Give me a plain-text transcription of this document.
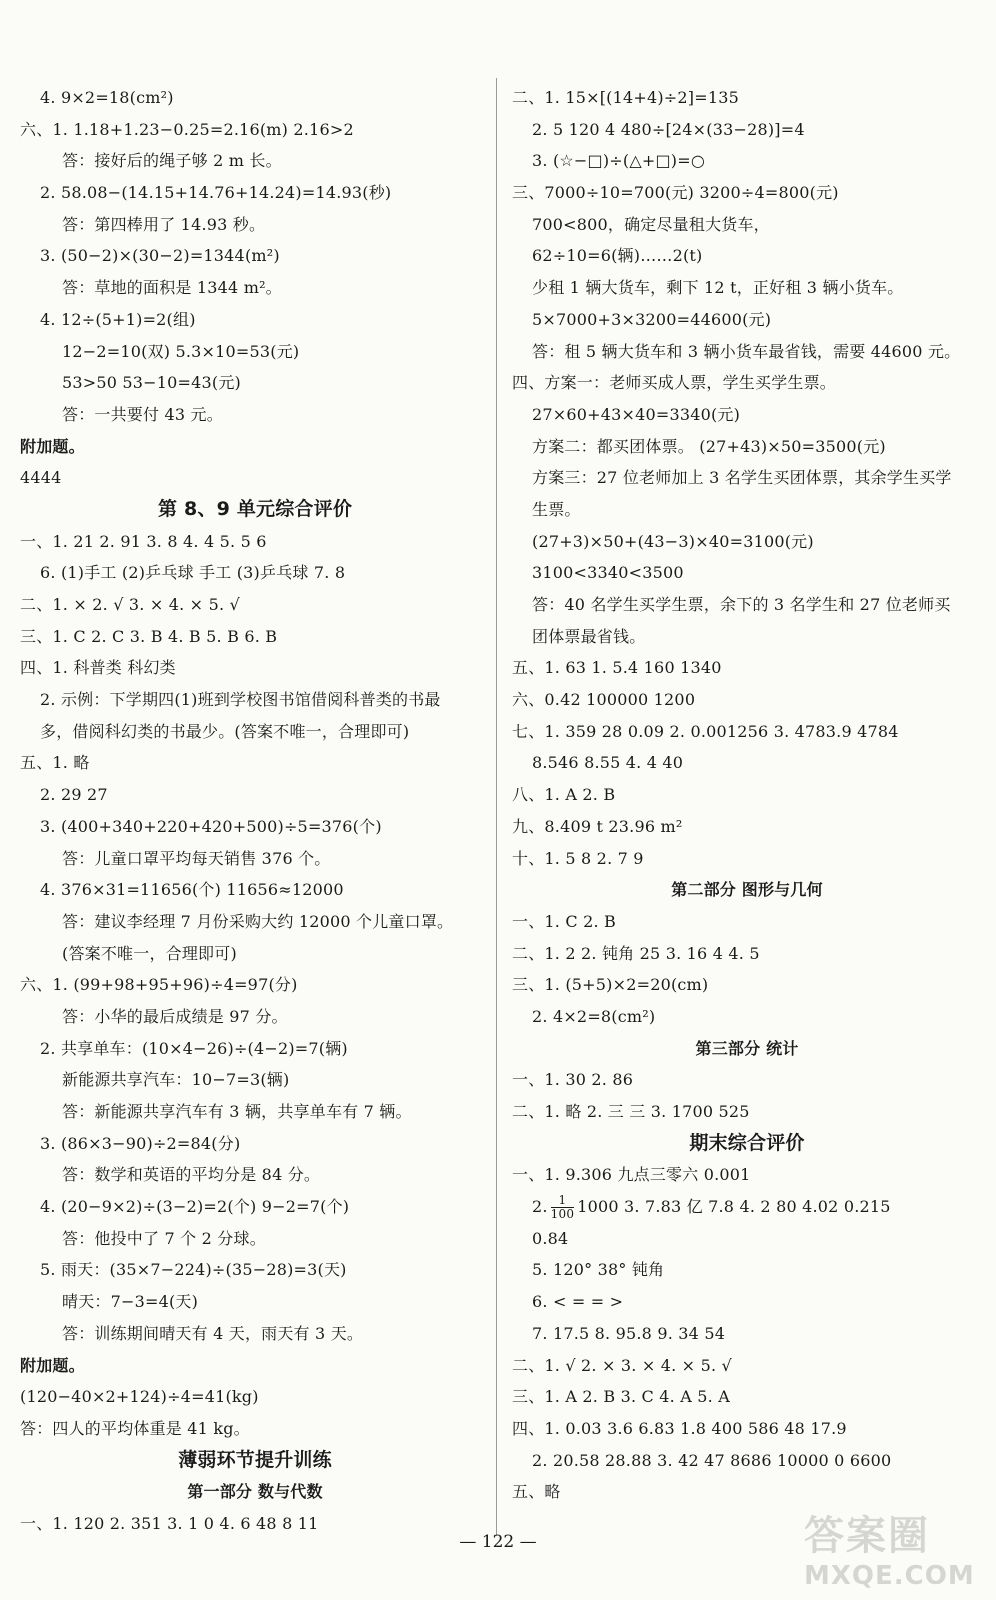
4. 9×2=18(cm²)
六、1. 1.18+1.23−0.25=2.16(m) 2.16>2
答：接好后的绳子够 2 m 长。
2. 58.08−(14.15+14.76+14.24)=14.93(秒)
答：第四棒用了 14.93 秒。
3. (50−2)×(30−2)=1344(m²)
答：草地的面积是 1344 m²。
4. 12÷(5+1)=2(组)
12−2=10(双) 5.3×10=53(元)
53>50 53−10=43(元)
答：一共要付 43 元。
附加题。
4444
第 8、9 单元综合评价
一、1. 21 2. 91 3. 8 4. 4 5. 5 6
6. (1)手工 (2)乒乓球 手工 (3)乒乓球 7. 8
二、1. × 2. √ 3. × 4. × 5. √
三、1. C 2. C 3. B 4. B 5. B 6. B
四、1. 科普类 科幻类
2. 示例：下学期四(1)班到学校图书馆借阅科普类的书最
多，借阅科幻类的书最少。(答案不唯一，合理即可)
五、1. 略
2. 29 27
3. (400+340+220+420+500)÷5=376(个)
答：儿童口罩平均每天销售 376 个。
4. 376×31=11656(个) 11656≈12000
答：建议李经理 7 月份采购大约 12000 个儿童口罩。
(答案不唯一，合理即可)
六、1. (99+98+95+96)÷4=97(分)
答：小华的最后成绩是 97 分。
2. 共享单车：(10×4−26)÷(4−2)=7(辆)
新能源共享汽车：10−7=3(辆)
答：新能源共享汽车有 3 辆，共享单车有 7 辆。
3. (86×3−90)÷2=84(分)
答：数学和英语的平均分是 84 分。
4. (20−9×2)÷(3−2)=2(个) 9−2=7(个)
答：他投中了 7 个 2 分球。
5. 雨天：(35×7−224)÷(35−28)=3(天)
晴天：7−3=4(天)
答：训练期间晴天有 4 天，雨天有 3 天。
附加题。
(120−40×2+124)÷4=41(kg)
答：四人的平均体重是 41 kg。
薄弱环节提升训练
第一部分 数与代数
一、1. 120 2. 351 3. 1 0 4. 6 48 8 11
二、1. 15×[(14+4)÷2]=135
2. 5 120 4 480÷[24×(33−28)]=4
3. (☆−□)÷(△+□)=○
三、7000÷10=700(元) 3200÷4=800(元)
700<800，确定尽量租大货车，
62÷10=6(辆)……2(t)
少租 1 辆大货车，剩下 12 t，正好租 3 辆小货车。
5×7000+3×3200=44600(元)
答：租 5 辆大货车和 3 辆小货车最省钱，需要 44600 元。
四、方案一：老师买成人票，学生买学生票。
27×60+43×40=3340(元)
方案二：都买团体票。 (27+43)×50=3500(元)
方案三：27 位老师加上 3 名学生买团体票，其余学生买学
生票。
(27+3)×50+(43−3)×40=3100(元)
3100<3340<3500
答：40 名学生买学生票，余下的 3 名学生和 27 位老师买
团体票最省钱。
五、1. 63 1. 5.4 160 1340
六、0.42 100000 1200
七、1. 359 28 0.09 2. 0.001256 3. 4783.9 4784
8.546 8.55 4. 4 40
八、1. A 2. B
九、8.409 t 23.96 m²
十、1. 5 8 2. 7 9
第二部分 图形与几何
一、1. C 2. B
二、1. 2 2. 钝角 25 3. 16 4 4. 5
三、1. (5+5)×2=20(cm)
2. 4×2=8(cm²)
第三部分 统计
一、1. 30 2. 86
二、1. 略 2. 三 三 3. 1700 525
期末综合评价
一、1. 9.306 九点三零六 0.001
2. $\frac{1}{100} 1000$ 3. 7.83 亿 7.8 4. 2 80 4.02 0.215
0.84
5. 120° 38° 钝角
6. < = = >
7. 17.5 8. 95.8 9. 34 54
二、1. √ 2. × 3. × 4. × 5. √
三、1. A 2. B 3. C 4. A 5. A
四、1. 0.03 3.6 6.83 1.8 400 586 48 17.9
2. 20.58 28.88 3. 42 47 8686 10000 0 6600
五、略
— 122 —	答案圈
MXQE.COM
